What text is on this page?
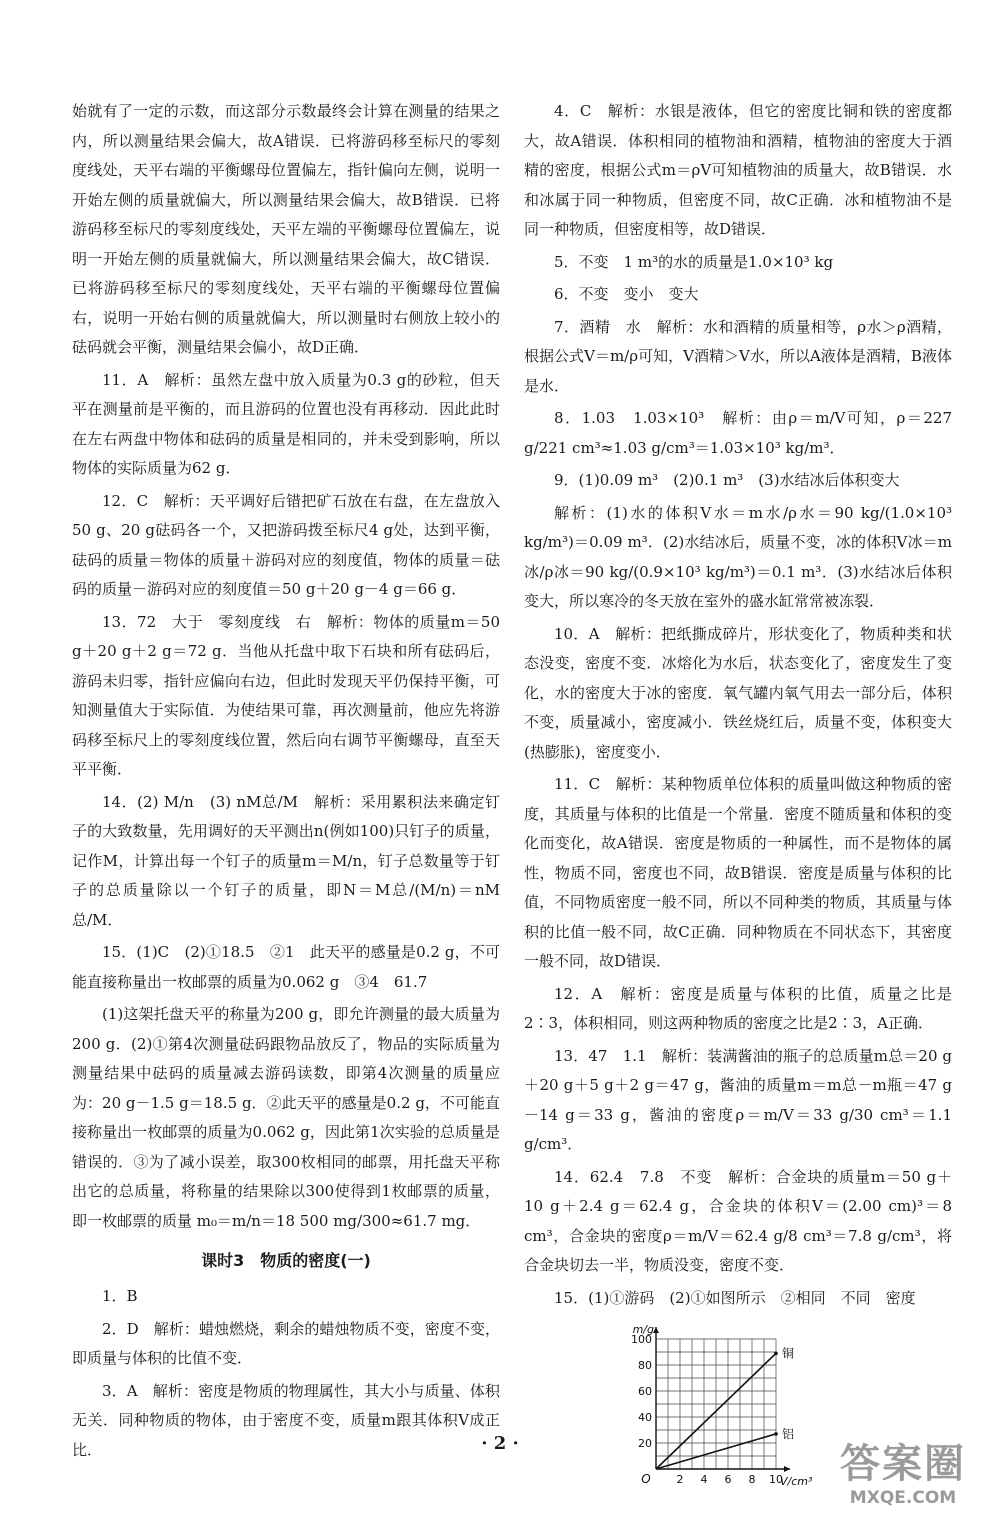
始就有了一定的示数，而这部分示数最终会计算在测量的结果之内，所以测量结果会偏大，故A错误．已将游码移至标尺的零刻度线处，天平右端的平衡螺母位置偏左，指针偏向左侧，说明一开始左侧的质量就偏大，所以测量结果会偏大，故B错误．已将游码移至标尺的零刻度线处，天平左端的平衡螺母位置偏左，说明一开始左侧的质量就偏大，所以测量结果会偏大，故C错误．已将游码移至标尺的零刻度线处，天平右端的平衡螺母位置偏右，说明一开始右侧的质量就偏大，所以测量时右侧放上较小的砝码就会平衡，测量结果会偏小，故D正确．

11．A　解析：虽然左盘中放入质量为0.3 g的砂粒，但天平在测量前是平衡的，而且游码的位置也没有再移动．因此此时在左右两盘中物体和砝码的质量是相同的，并未受到影响，所以物体的实际质量为62 g．

12．C　解析：天平调好后错把矿石放在右盘，在左盘放入50 g、20 g砝码各一个，又把游码拨至标尺4 g处，达到平衡，砝码的质量＝物体的质量＋游码对应的刻度值，物体的质量＝砝码的质量－游码对应的刻度值＝50 g＋20 g－4 g＝66 g．

13．72　大于　零刻度线　右　解析：物体的质量m＝50 g＋20 g＋2 g＝72 g．当他从托盘中取下石块和所有砝码后，游码未归零，指针应偏向右边，但此时发现天平仍保持平衡，可知测量值大于实际值．为使结果可靠，再次测量前，他应先将游码移至标尺上的零刻度线位置，然后向右调节平衡螺母，直至天平平衡．

14．(2) M/n　(3) nM总/M　解析：采用累积法来确定钉子的大致数量，先用调好的天平测出n(例如100)只钉子的质量，记作M，计算出每一个钉子的质量m＝M/n，钉子总数量等于钉子的总质量除以一个钉子的质量，即N＝M总/(M/n)＝nM总/M．

15．(1)C　(2)①18.5　②1　此天平的感量是0.2 g，不可能直接称量出一枚邮票的质量为0.062 g　③4　61.7

(1)这架托盘天平的称量为200 g，即允许测量的最大质量为200 g．(2)①第4次测量砝码跟物品放反了，物品的实际质量为测量结果中砝码的质量减去游码读数，即第4次测量的质量应为：20 g－1.5 g＝18.5 g．②此天平的感量是0.2 g，不可能直接称量出一枚邮票的质量为0.062 g，因此第1次实验的总质量是错误的．③为了减小误差，取300枚相同的邮票，用托盘天平称出它的总质量，将称量的结果除以300使得到1枚邮票的质量，即一枚邮票的质量 m₀＝m/n＝18 500 mg/300≈61.7 mg．

课时3　物质的密度(一)

1．B

2．D　解析：蜡烛燃烧，剩余的蜡烛物质不变，密度不变，即质量与体积的比值不变．

3．A　解析：密度是物质的物理属性，其大小与质量、体积无关．同种物质的物体，由于密度不变，质量m跟其体积V成正比．

4．C　解析：水银是液体，但它的密度比铜和铁的密度都大，故A错误．体积相同的植物油和酒精，植物油的密度大于酒精的密度，根据公式m＝ρV可知植物油的质量大，故B错误．水和冰属于同一种物质，但密度不同，故C正确．冰和植物油不是同一种物质，但密度相等，故D错误．

5．不变　1 m³的水的质量是1.0×10³ kg

6．不变　变小　变大

7．酒精　水　解析：水和酒精的质量相等，ρ水＞ρ酒精，根据公式V＝m/ρ可知，V酒精＞V水，所以A液体是酒精，B液体是水．

8．1.03　1.03×10³　解析：由ρ＝m/V可知，ρ＝227 g/221 cm³≈1.03 g/cm³＝1.03×10³ kg/m³．

9．(1)0.09 m³　(2)0.1 m³　(3)水结冰后体积变大

解析：(1)水的体积V水＝m水/ρ水＝90 kg/(1.0×10³ kg/m³)＝0.09 m³．(2)水结冰后，质量不变，冰的体积V冰＝m冰/ρ冰＝90 kg/(0.9×10³ kg/m³)＝0.1 m³．(3)水结冰后体积变大，所以寒冷的冬天放在室外的盛水缸常常被冻裂．

10．A　解析：把纸撕成碎片，形状变化了，物质种类和状态没变，密度不变．冰熔化为水后，状态变化了，密度发生了变化，水的密度大于冰的密度．氧气罐内氧气用去一部分后，体积不变，质量减小，密度减小．铁丝烧红后，质量不变，体积变大(热膨胀)，密度变小．

11．C　解析：某种物质单位体积的质量叫做这种物质的密度，其质量与体积的比值是一个常量．密度不随质量和体积的变化而变化，故A错误．密度是物质的一种属性，而不是物体的属性，物质不同，密度也不同，故B错误．密度是质量与体积的比值，不同物质密度一般不同，所以不同种类的物质，其质量与体积的比值一般不同，故C正确．同种物质在不同状态下，其密度一般不同，故D错误．

12．A　解析：密度是质量与体积的比值，质量之比是2∶3，体积相同，则这两种物质的密度之比是2∶3，A正确．

13．47　1.1　解析：装满酱油的瓶子的总质量m总＝20 g＋20 g＋5 g＋2 g＝47 g，酱油的质量m＝m总－m瓶＝47 g－14 g＝33 g，酱油的密度ρ＝m/V＝33 g/30 cm³＝1.1 g/cm³．

14．62.4　7.8　不变　解析：合金块的质量m＝50 g＋10 g＋2.4 g＝62.4 g，合金块的体积V＝(2.00 cm)³＝8 cm³，合金块的密度ρ＝m/V＝62.4 g/8 cm³＝7.8 g/cm³，将合金块切去一半，物质没变，密度不变．

15．(1)①游码　(2)①如图所示　②相同　不同　密度

2 4 6 8 10
20
40
60
80
100
O
m/g
V/cm³
铜
铝
· 2 ·	答案圈
MXQE.COM
